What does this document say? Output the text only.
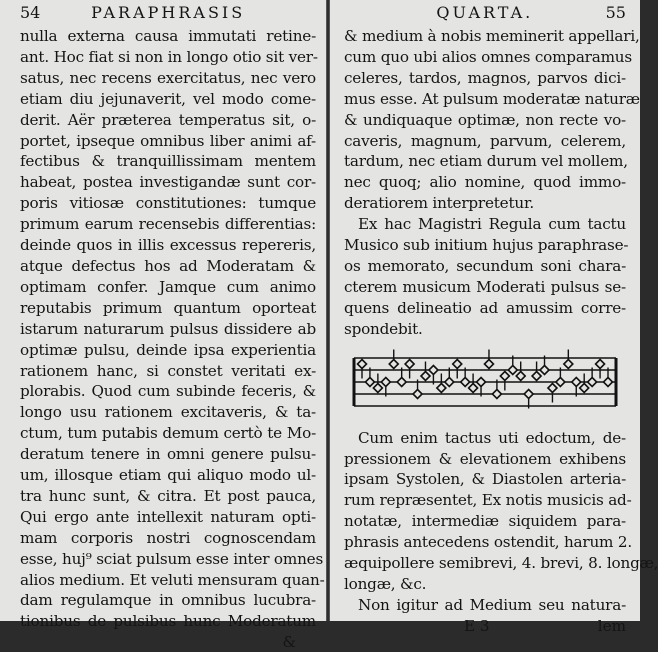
54	PARAPHRASIS
nulla externa causa immutati retine-
ant. Hoc fiat si non in longo otio sit ver-
satus, nec recens exercitatus, nec vero
etiam diu jejunaverit, vel modo come-
derit. Aër præterea temperatus sit, o-
portet, ipseque omnibus liber animi af-
fectibus & tranquillissimam mentem
habeat, postea investigandæ sunt cor-
poris vitiosæ constitutiones: tumque
primum earum recensebis differentias:
deinde quos in illis excessus repereris,
atque defectus hos ad Moderatam &
optimam confer. Jamque cum animo
reputabis primum quantum oporteat
istarum naturarum pulsus dissidere ab
optimæ pulsu, deinde ipsa experientia
rationem hanc, si constet veritati ex-
plorabis. Quod cum subinde feceris, &
longo usu rationem excitaveris, & ta-
ctum, tum putabis demum certò te Mo-
deratum tenere in omni genere pulsu-
um, illosque etiam qui aliquo modo ul-
tra hunc sunt, & citra. Et post pauca,
Qui ergo ante intellexit naturam opti-
mam corporis nostri cognoscendam
esse, huj⁹ sciat pulsum esse inter omnes
alios medium. Et veluti mensuram quan-
dam regulamque in omnibus lucubra-
tionibus de pulsibus hunc Moderatum
&
QUARTA.	55
& medium à nobis meminerit appellari,
cum quo ubi alios omnes comparamus
celeres, tardos, magnos, parvos dici-
mus esse. At pulsum moderatæ naturæ
& undiquaque optimæ, non recte vo-
caveris, magnum, parvum, celerem,
tardum, nec etiam durum vel mollem,
nec quoq; alio nomine, quod immo-
deratiorem interpretetur.
Ex hac Magistri Regula cum tactu
Musico sub initium hujus paraphrase-
os memorato, secundum soni chara-
cterem musicum Moderati pulsus se-
quens delineatio ad amussim corre-
spondebit.
Cum enim tactus uti edoctum, de-
pressionem & elevationem exhibens
ipsam Systolen, & Diastolen arteria-
rum repræsentet, Ex notis musicis ad-
notatæ, intermediæ siquidem para-
phrasis antecedens ostendit, harum 2.
æquipollere semibrevi, 4. brevi, 8. longæ,
longæ, &c.
Non igitur ad Medium seu natura-
E 3	lem
